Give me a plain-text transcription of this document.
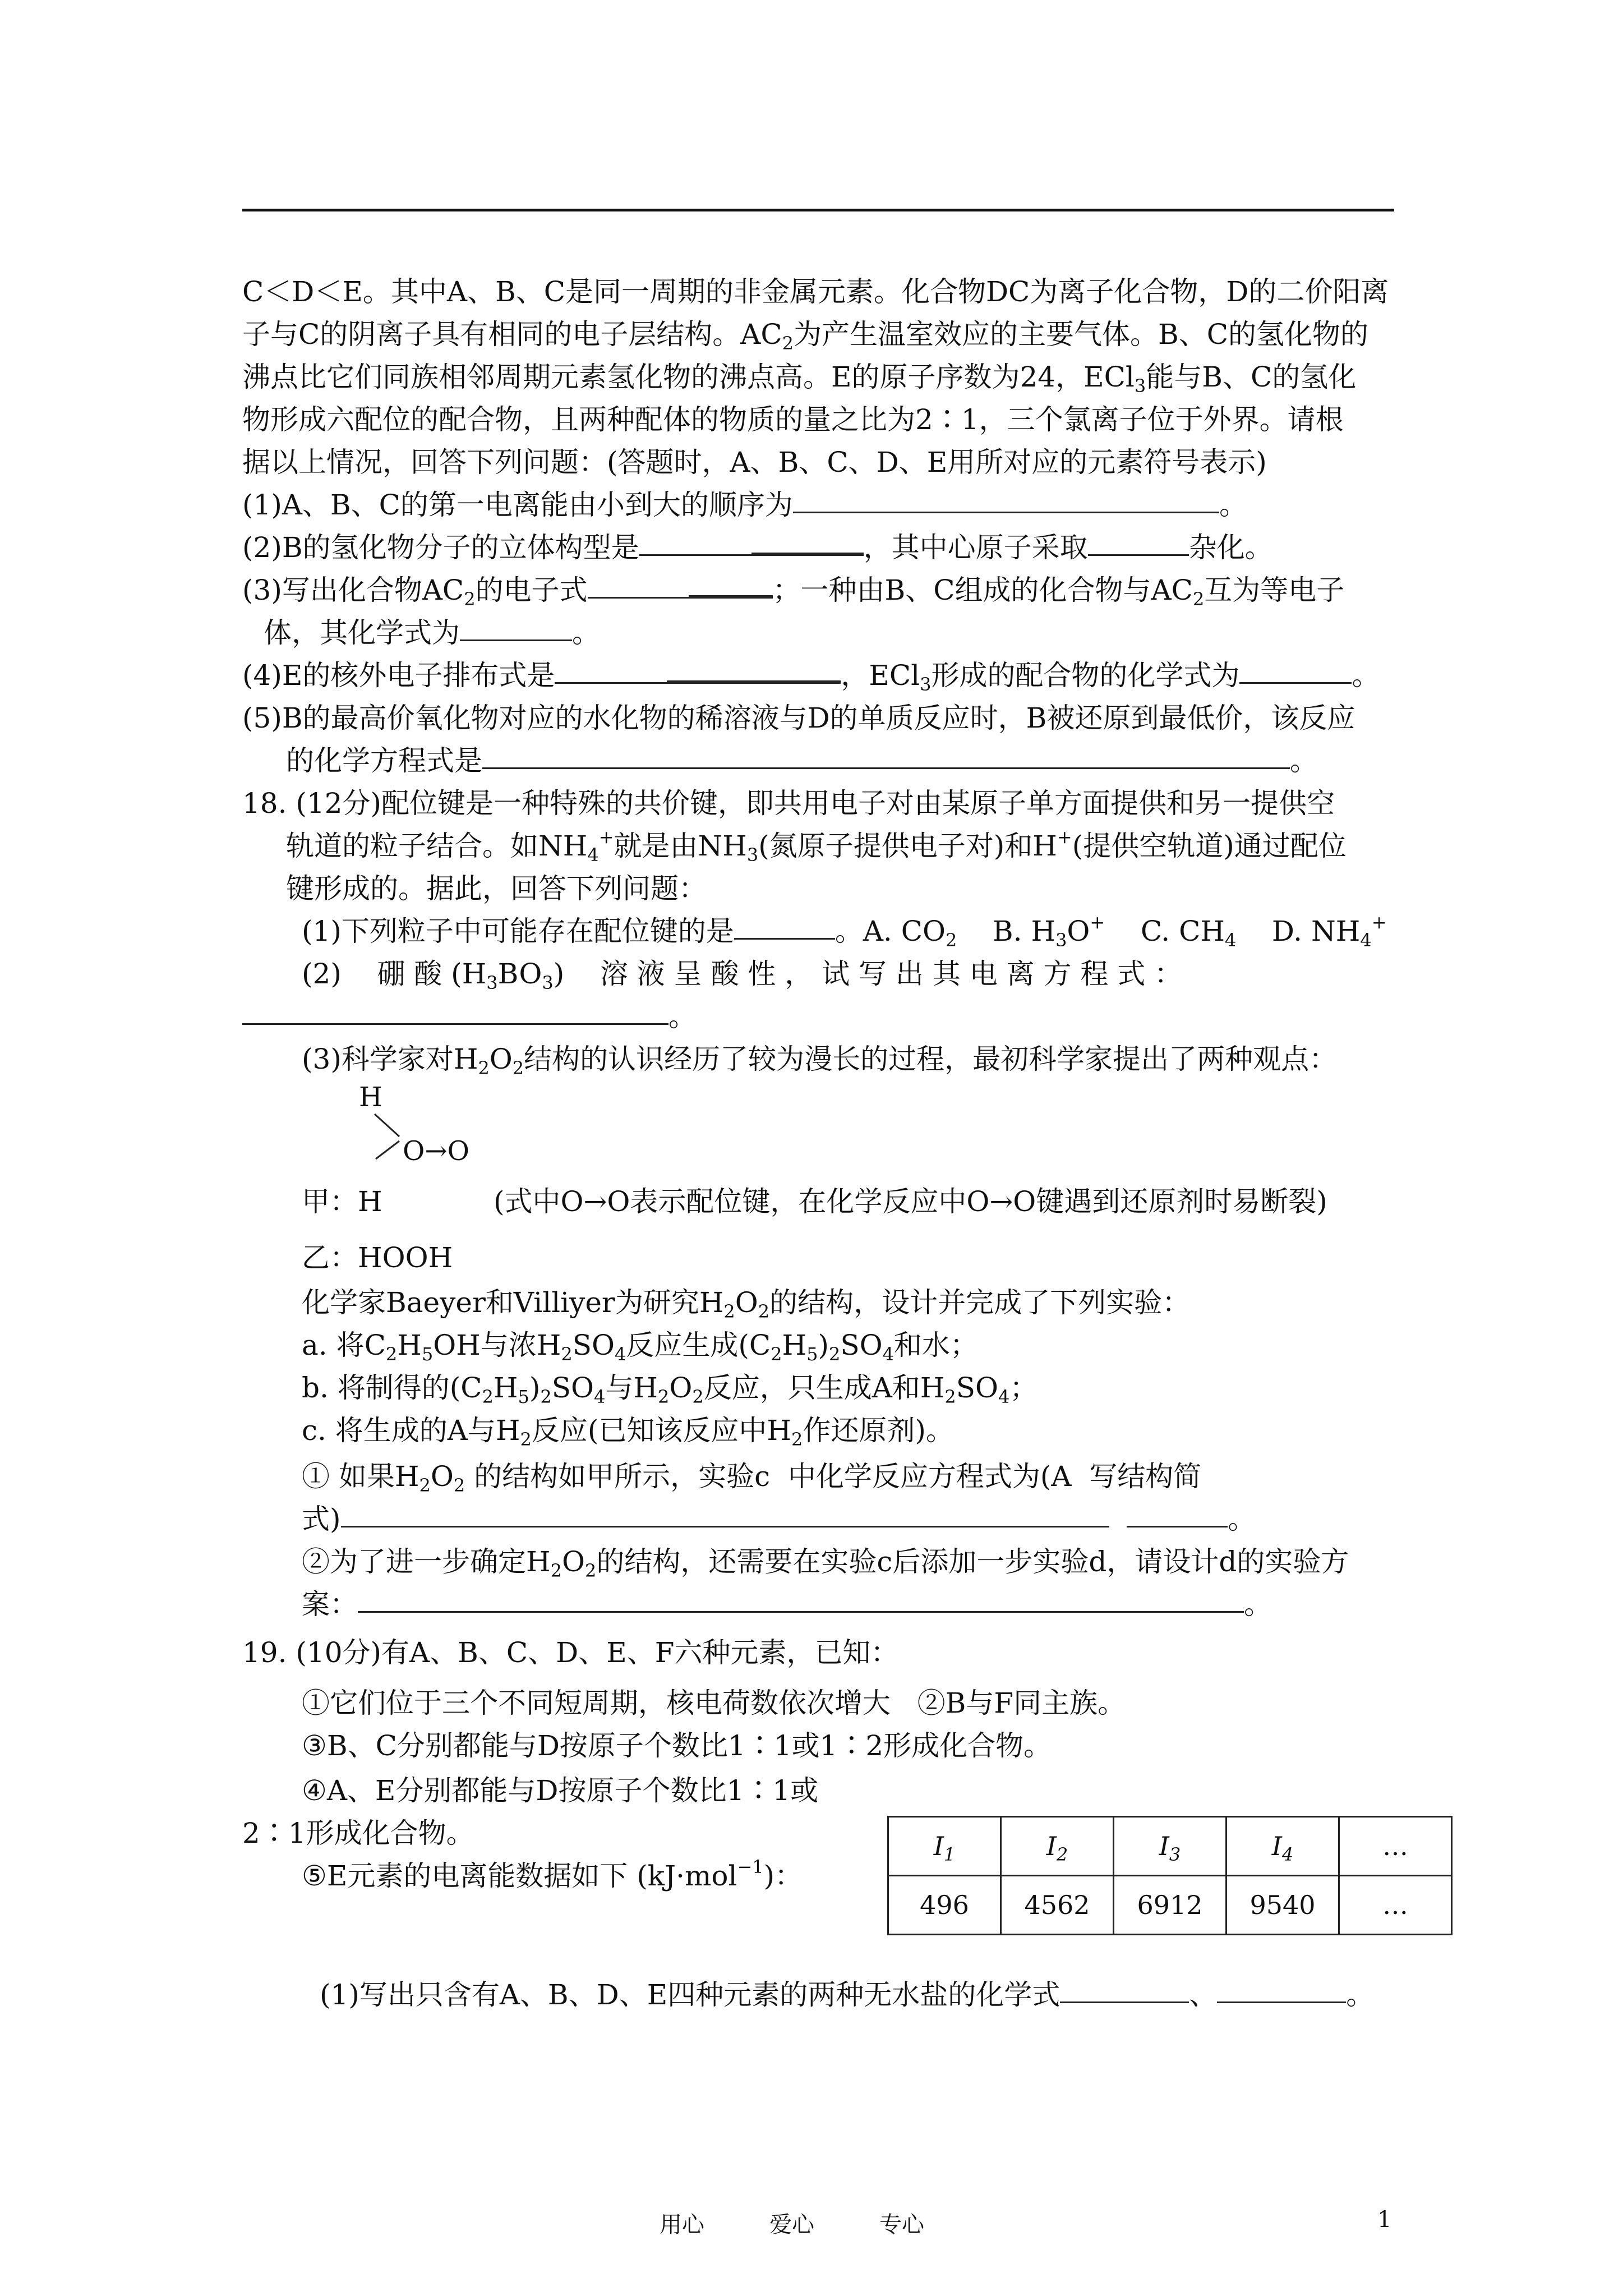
C＜D＜E。其中A、B、C是同一周期的非金属元素。化合物DC为离子化合物，D的二价阳离
子与C的阴离子具有相同的电子层结构。$AC_2$为产生温室效应的主要气体。B、C的氢化物的
沸点比它们同族相邻周期元素氢化物的沸点高。E的原子序数为24，ECl$_3$能与B、C的氢化
物形成六配位的配合物，且两种配体的物质的量之比为2∶1，三个氯离子位于外界。请根
据以上情况，回答下列问题：(答题时，A、B、C、D、E用所对应的元素符号表示)
(1)A、B、C的第一电离能由小到大的顺序为	。
(2)B的氢化物分子的立体构型是	，其中心原子采取	杂化。
(3)写出化合物$AC_2$的电子式	；一种由B、C组成的化合物与$AC_2$互为等电子
体，其化学式为	。
(4)E的核外电子排布式是	，ECl$_3$形成的配合物的化学式为	。
(5)B的最高价氧化物对应的水化物的稀溶液与D的单质反应时，B被还原到最低价，该反应
的化学方程式是	。
18. (12分)配位键是一种特殊的共价键，即共用电子对由某原子单方面提供和另一提供空
轨道的粒子结合。如$NH_4^+$就是由$NH_3$(氮原子提供电子对)和H+(提供空轨道)通过配位
键形成的。据此，回答下列问题：
(1)下列粒子中可能存在配位键的是	。A. $CO_2$ B. $H_3O^+$ C. $CH_4$ D. $NH_4^+$
(2)    硼 酸 $(H_3BO_3)$    溶 液 呈 酸 性 ， 试 写 出 其 电 离 方 程 式 ：
。
(3)科学家对$H_2O_2$结构的认识经历了较为漫长的过程，最初科学家提出了两种观点：
H
O→O
甲：H	(式中O→O表示配位键，在化学反应中O→O键遇到还原剂时易断裂)
乙：HOOH
化学家Baeyer和Villiyer为研究$H_2O_2$的结构，设计并完成了下列实验：
a. 将$C_2H_5OH$与浓$H_2SO_4$反应生成$(C_2H_5)_2SO_4$和水；
b. 将制得的$(C_2H_5)_2SO_4$与$H_2O_2$反应，只生成A和$H_2SO_4$；
c. 将生成的A与$H_2$反应(已知该反应中$H_2$作还原剂)。
① 如果$H_2O_2$ 的结构如甲所示，实验c  中化学反应方程式为(A  写结构简
式)	。
②为了进一步确定$H_2O_2$的结构，还需要在实验c后添加一步实验d，请设计d的实验方
案：	。
19. (10分)有A、B、C、D、E、F六种元素，已知：
①它们位于三个不同短周期，核电荷数依次增大   ②B与F同主族。
③B、C分别都能与D按原子个数比1∶1或1∶2形成化合物。
④A、E分别都能与D按原子个数比1∶1或
2∶1形成化合物。
⑤E元素的电离能数据如下 (kJ·mol$^{-1}$)：
$I_1$	$I_2$	$I_3$	$I_4$	…
496	4562	6912	9540	…
(1)写出只含有A、B、D、E四种元素的两种无水盐的化学式	、	。
用心	爱心	专心	1
